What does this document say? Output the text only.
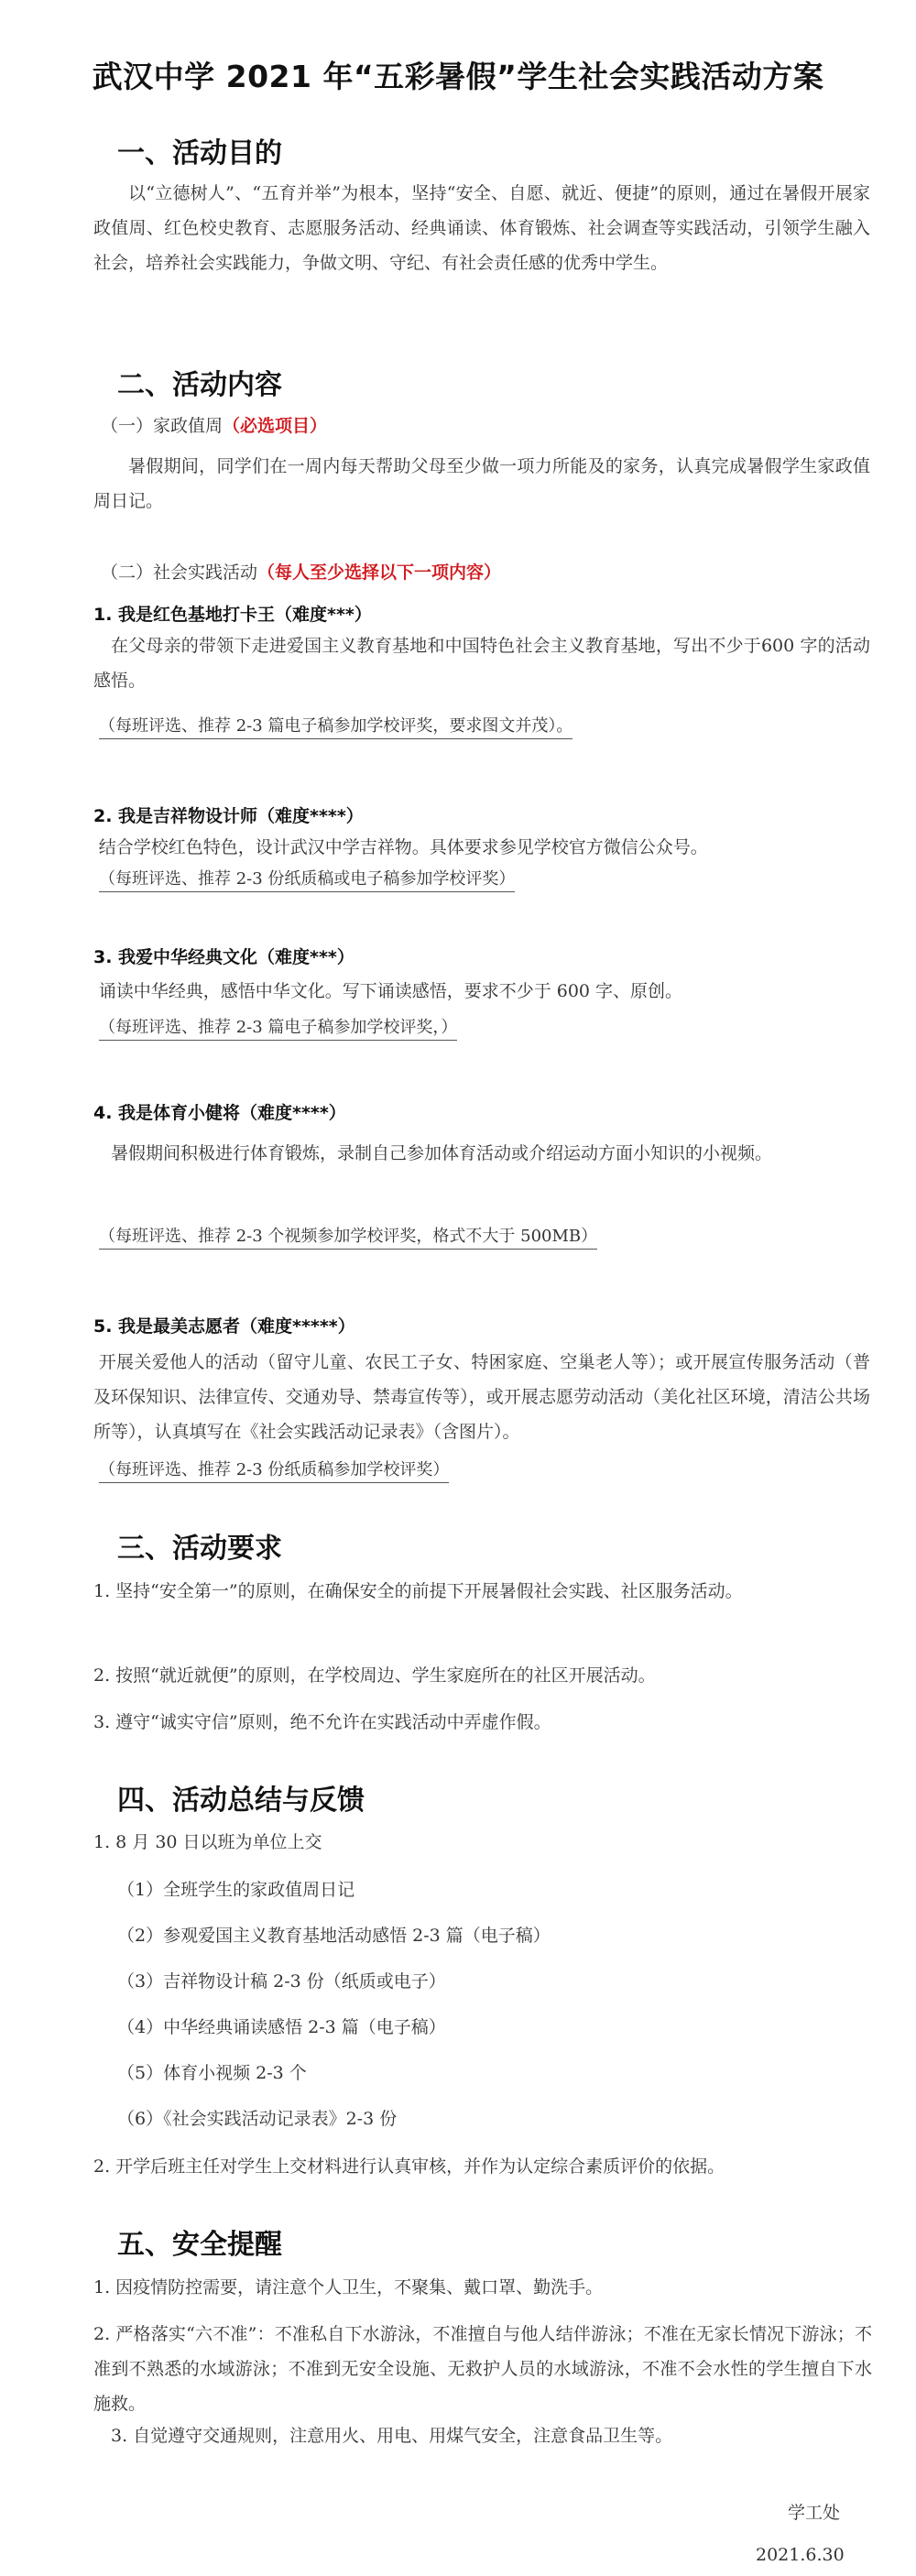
武汉中学 2021 年“五彩暑假”学生社会实践活动方案
一、活动目的
以“立德树人”、“五育并举”为根本，坚持“安全、自愿、就近、便捷”的原则，通过在暑假开展家政值周、红色校史教育、志愿服务活动、经典诵读、体育锻炼、社会调查等实践活动，引领学生融入社会，培养社会实践能力，争做文明、守纪、有社会责任感的优秀中学生。
二、活动内容
（一）家政值周（必选项目）
暑假期间，同学们在一周内每天帮助父母至少做一项力所能及的家务，认真完成暑假学生家政值周日记。
（二）社会实践活动（每人至少选择以下一项内容）
1. 我是红色基地打卡王（难度***）
在父母亲的带领下走进爱国主义教育基地和中国特色社会主义教育基地，写出不少于600 字的活动感悟。
（每班评选、推荐 2-3 篇电子稿参加学校评奖，要求图文并茂）。
2. 我是吉祥物设计师（难度****）
结合学校红色特色，设计武汉中学吉祥物。具体要求参见学校官方微信公众号。
（每班评选、推荐 2-3 份纸质稿或电子稿参加学校评奖）
3. 我爱中华经典文化（难度***）
诵读中华经典，感悟中华文化。写下诵读感悟，要求不少于 600 字、原创。
（每班评选、推荐 2-3 篇电子稿参加学校评奖，）
4. 我是体育小健将（难度****）
暑假期间积极进行体育锻炼，录制自己参加体育活动或介绍运动方面小知识的小视频。
（每班评选、推荐 2-3 个视频参加学校评奖，格式不大于 500MB）
5. 我是最美志愿者（难度*****）
开展关爱他人的活动（留守儿童、农民工子女、特困家庭、空巢老人等）；或开展宣传服务活动（普及环保知识、法律宣传、交通劝导、禁毒宣传等），或开展志愿劳动活动（美化社区环境，清洁公共场所等），认真填写在《社会实践活动记录表》（含图片）。
（每班评选、推荐 2-3 份纸质稿参加学校评奖）
三、活动要求
1. 坚持“安全第一”的原则，在确保安全的前提下开展暑假社会实践、社区服务活动。
2. 按照“就近就便”的原则，在学校周边、学生家庭所在的社区开展活动。
3. 遵守“诚实守信”原则，绝不允许在实践活动中弄虚作假。
四、活动总结与反馈
1. 8 月 30 日以班为单位上交
（1）全班学生的家政值周日记
（2）参观爱国主义教育基地活动感悟 2-3 篇（电子稿）
（3）吉祥物设计稿 2-3 份（纸质或电子）
（4）中华经典诵读感悟 2-3 篇（电子稿）
（5）体育小视频 2-3 个
（6）《社会实践活动记录表》2-3 份
2. 开学后班主任对学生上交材料进行认真审核，并作为认定综合素质评价的依据。
五、安全提醒
1. 因疫情防控需要，请注意个人卫生，不聚集、戴口罩、勤洗手。
2. 严格落实“六不准”：不准私自下水游泳，不准擅自与他人结伴游泳；不准在无家长情况下游泳；不准到不熟悉的水域游泳；不准到无安全设施、无救护人员的水域游泳，不准不会水性的学生擅自下水施救。
3. 自觉遵守交通规则，注意用火、用电、用煤气安全，注意食品卫生等。
学工处
2021.6.30
